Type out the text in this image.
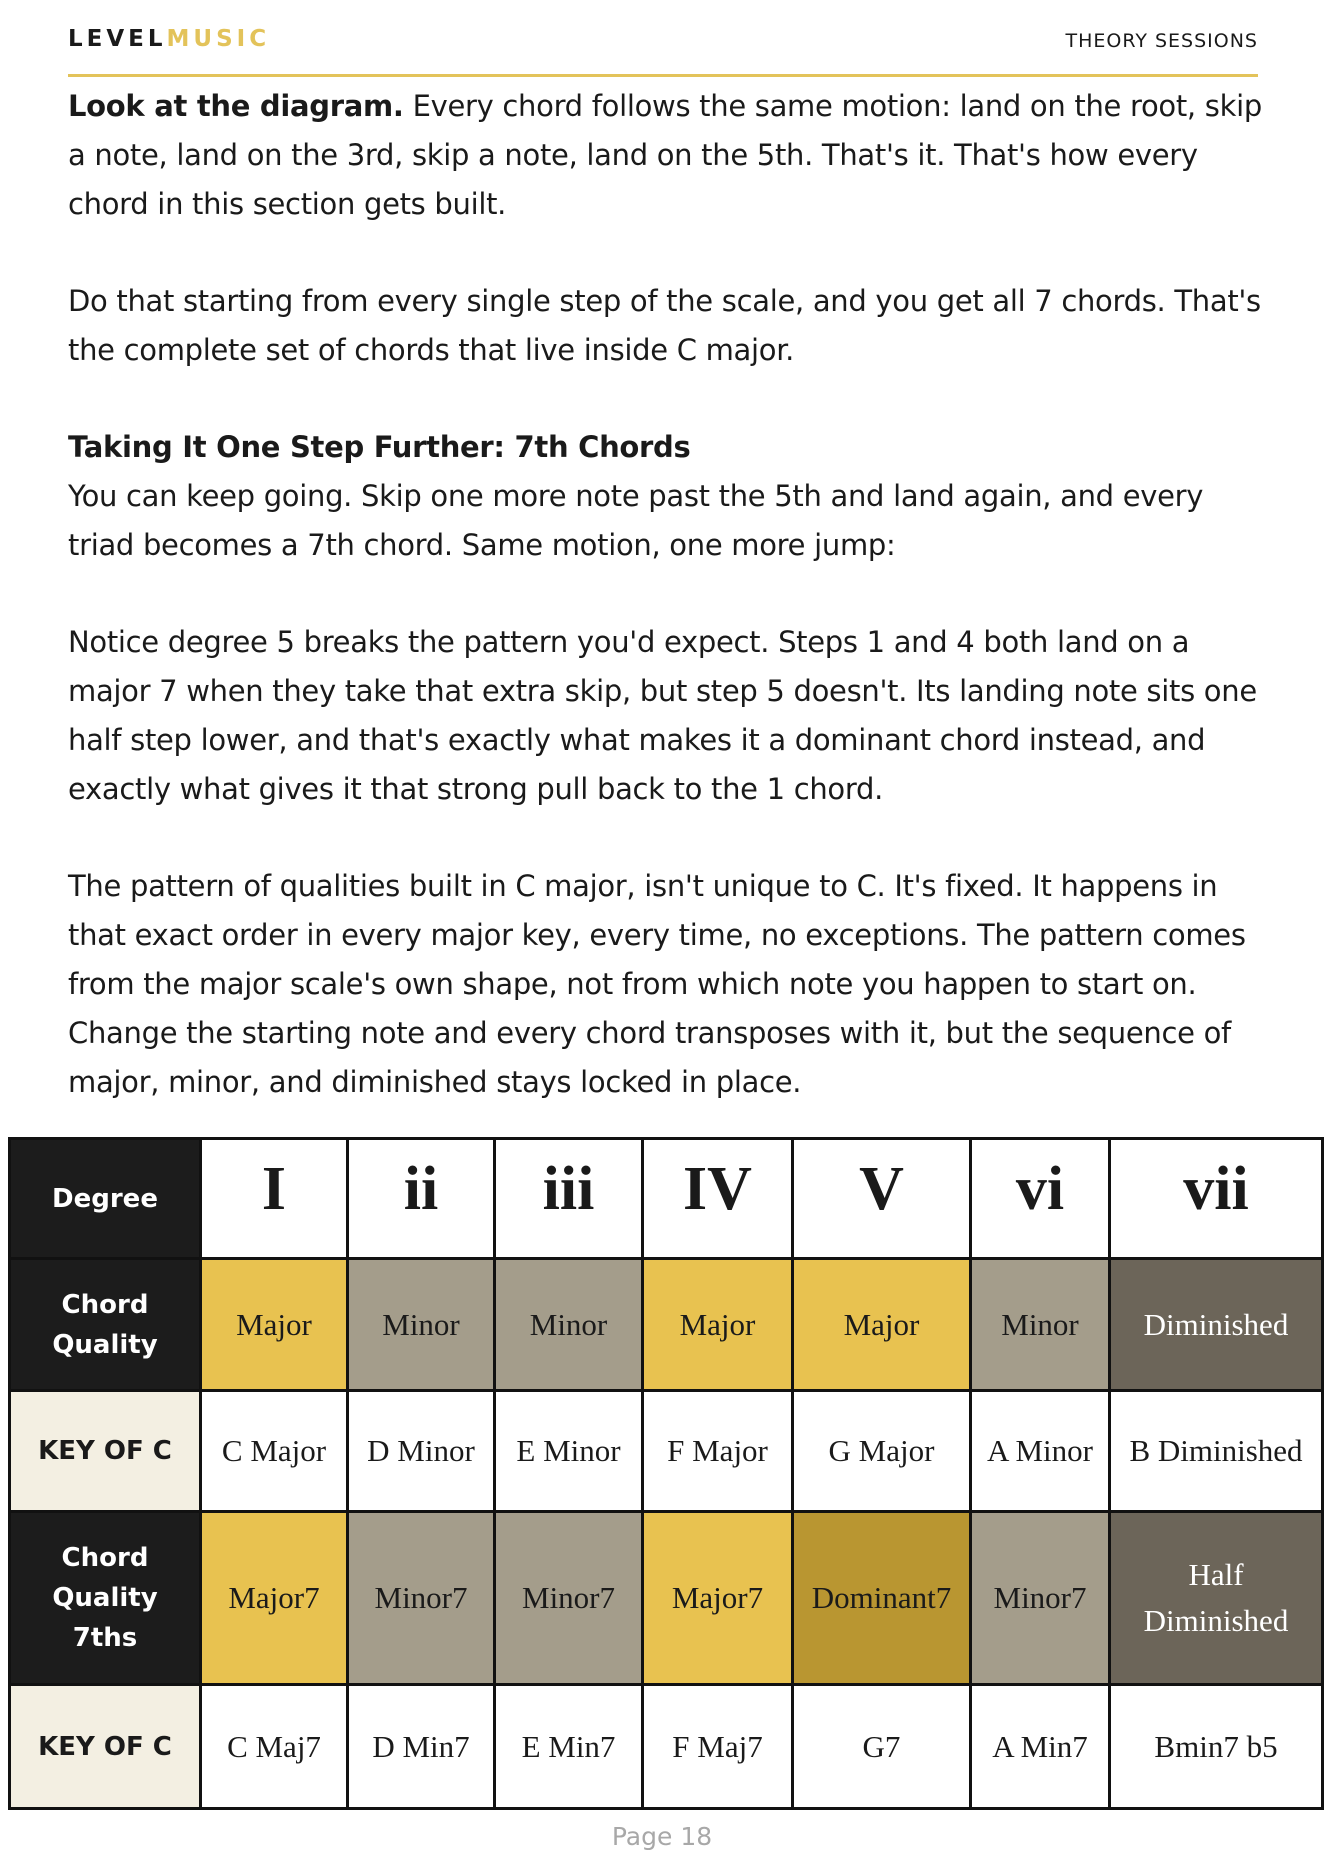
LEVELMUSIC	THEORY SESSIONS

Look at the diagram. Every chord follows the same motion: land on the root, skip a note, land on the 3rd, skip a note, land on the 5th. That's it. That's how every chord in this section gets built.

Do that starting from every single step of the scale, and you get all 7 chords. That's the complete set of chords that live inside C major.

Taking It One Step Further: 7th Chords

You can keep going. Skip one more note past the 5th and land again, and every triad becomes a 7th chord. Same motion, one more jump:

Notice degree 5 breaks the pattern you'd expect. Steps 1 and 4 both land on a major 7 when they take that extra skip, but step 5 doesn't. Its landing note sits one half step lower, and that's exactly what makes it a dominant chord instead, and exactly what gives it that strong pull back to the 1 chord.

The pattern of qualities built in C major, isn't unique to C. It's fixed. It happens in that exact order in every major key, every time, no exceptions. The pattern comes from the major scale's own shape, not from which note you happen to start on. Change the starting note and every chord transposes with it, but the sequence of major, minor, and diminished stays locked in place.

Degree	I	ii	iii	IV	V	vi	vii
Chord
Quality	Major	Minor	Minor	Major	Major	Minor	Diminished
KEY OF C	C Major	D Minor	E Minor	F Major	G Major	A Minor	B Diminished
Chord
Quality
7ths	Major7	Minor7	Minor7	Major7	Dominant7	Minor7	Half
Diminished
KEY OF C	C Maj7	D Min7	E Min7	F Maj7	G7	A Min7	Bmin7 b5
Page 18
